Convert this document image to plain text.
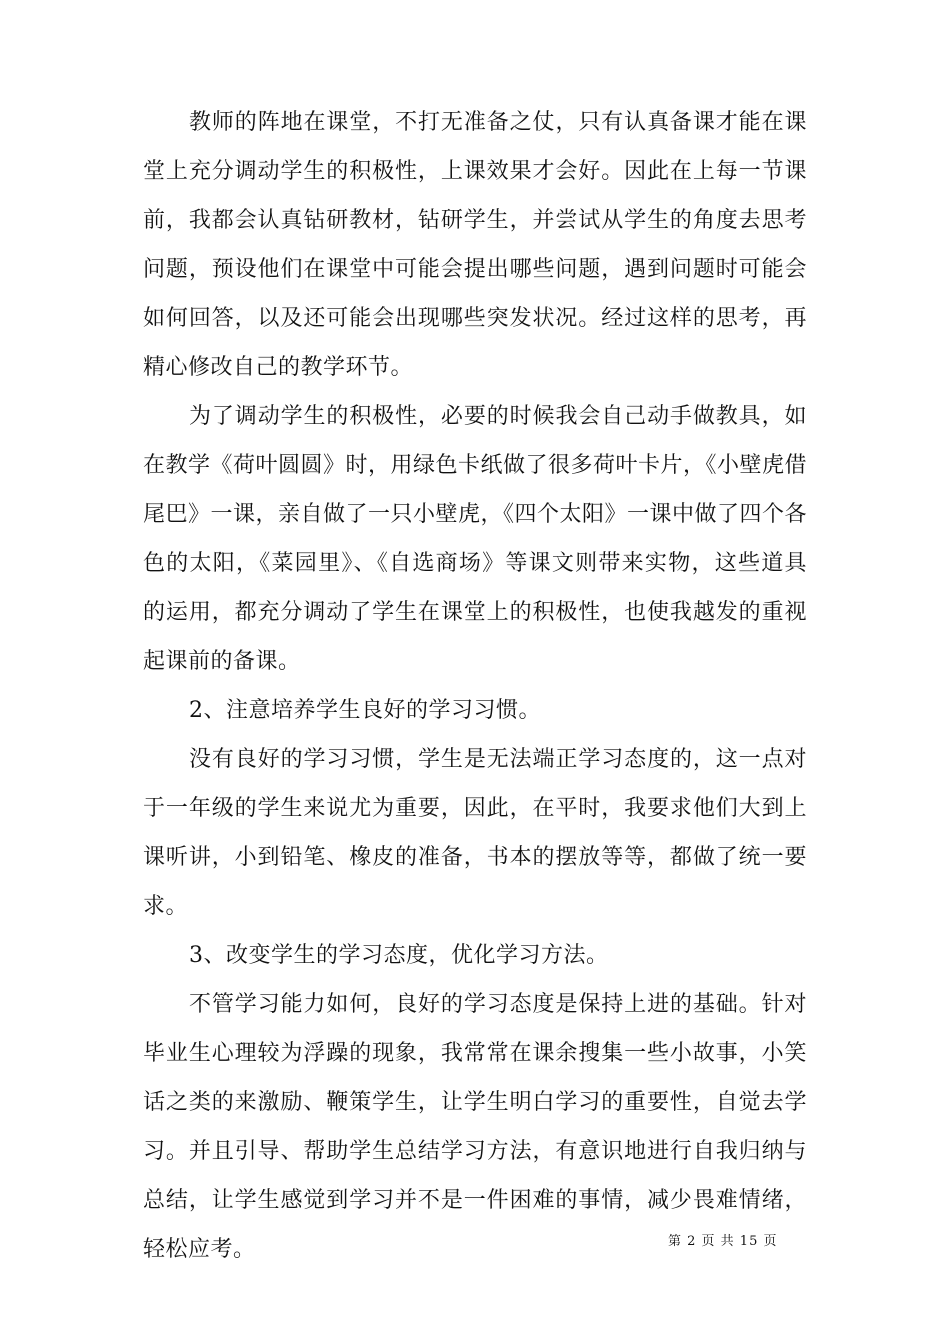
教师的阵地在课堂，不打无准备之仗，只有认真备课才能在课堂上充分调动学生的积极性，上课效果才会好。因此在上每一节课前，我都会认真钻研教材，钻研学生，并尝试从学生的角度去思考问题，预设他们在课堂中可能会提出哪些问题，遇到问题时可能会如何回答，以及还可能会出现哪些突发状况。经过这样的思考，再精心修改自己的教学环节。

为了调动学生的积极性，必要的时候我会自己动手做教具，如在教学《荷叶圆圆》时，用绿色卡纸做了很多荷叶卡片，《小壁虎借尾巴》一课，亲自做了一只小壁虎，《四个太阳》一课中做了四个各色的太阳，《菜园里》、《自选商场》等课文则带来实物，这些道具的运用，都充分调动了学生在课堂上的积极性，也使我越发的重视起课前的备课。

2、注意培养学生良好的学习习惯。

没有良好的学习习惯，学生是无法端正学习态度的，这一点对于一年级的学生来说尤为重要，因此，在平时，我要求他们大到上课听讲，小到铅笔、橡皮的准备，书本的摆放等等，都做了统一要求。

3、改变学生的学习态度，优化学习方法。

不管学习能力如何，良好的学习态度是保持上进的基础。针对毕业生心理较为浮躁的现象，我常常在课余搜集一些小故事，小笑话之类的来激励、鞭策学生，让学生明白学习的重要性，自觉去学习。并且引导、帮助学生总结学习方法，有意识地进行自我归纳与总结，让学生感觉到学习并不是一件困难的事情，减少畏难情绪，轻松应考。	第 2 页 共 15 页
